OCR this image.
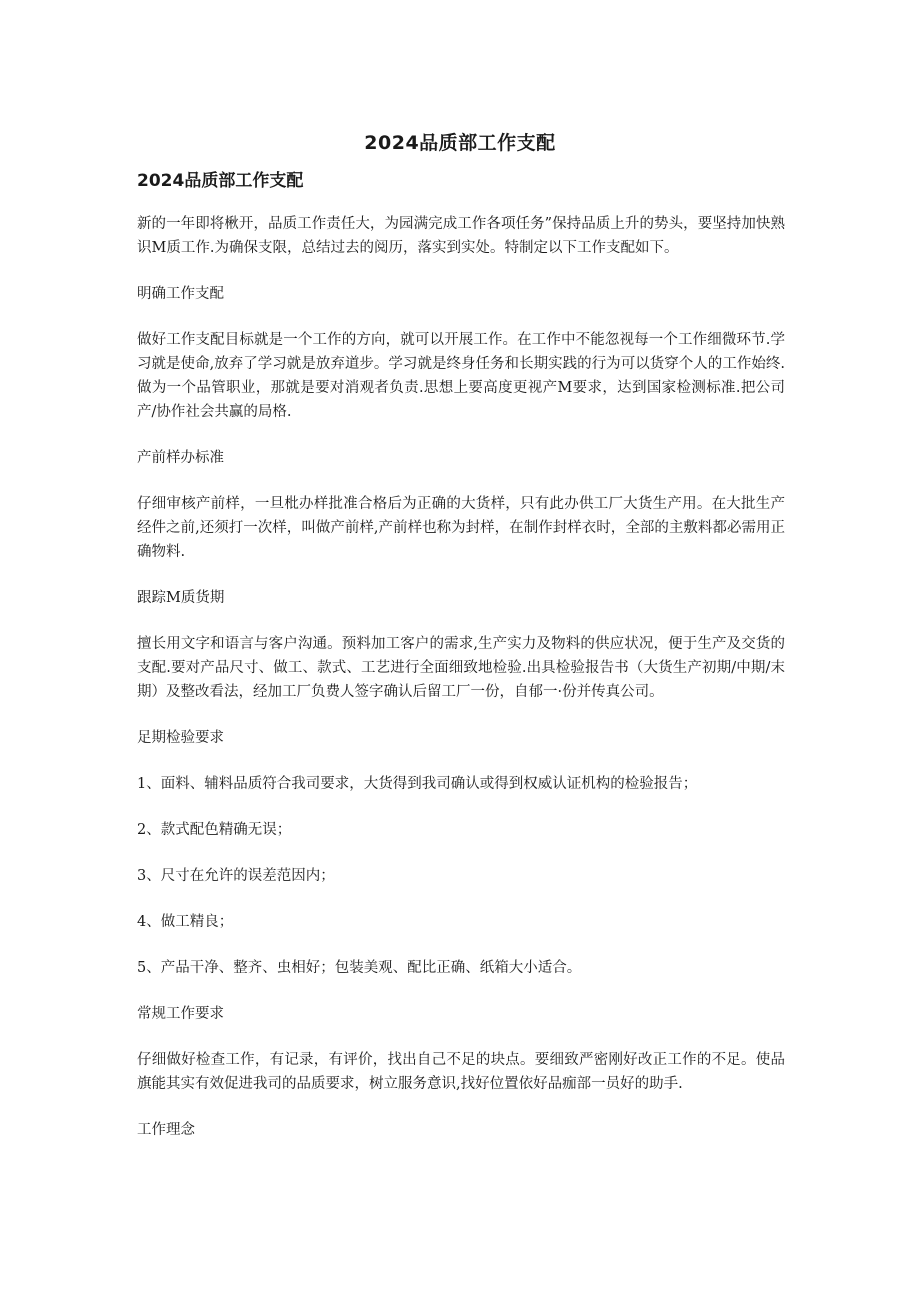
2024品质部工作支配
2024品质部工作支配

新的一年即将楸开，品质工作责任大，为园满完成工作各项任务”保持品质上升的势头，要坚持加快熟识M质工作.为确保支限，总结过去的阅历，落实到实处。特制定以下工作支配如下。

明确工作支配

做好工作支配目标就是一个工作的方向，就可以开展工作。在工作中不能忽视每一个工作细微环节.学习就是使命,放弃了学习就是放弃道步。学习就是终身任务和长期实践的行为可以货穿个人的工作始终.做为一个品管职业，那就是要对消观者负责.思想上要高度更视产M要求，达到国家检测标准.把公司产/协作社会共赢的局格.

产前样办标准

仔细审核产前样，一旦枇办样批准合格后为正确的大货样，只有此办供工厂大货生产用。在大批生产经件之前,还须打一次样，叫做产前样,产前样也称为封样，在制作封样衣时，全部的主敷料都必需用正确物料.

跟踪M质货期

擅长用文字和语言与客户沟通。预料加工客户的需求,生产实力及物料的供应状况，便于生产及交货的支配.要对产品尺寸、做工、款式、工艺进行全面细致地检验.出具检验报告书（大货生产初期/中期/末期）及整改看法，经加工厂负费人签字确认后留工厂一份，自郁一·份并传真公司。

足期检验要求

1、面料、辅料品质符合我司要求，大货得到我司确认或得到权威认证机构的检验报告；

2、款式配色精确无误；

3、尺寸在允许的误差范因内；

4、做工精良；

5、产品干净、整齐、虫相好；包装美观、配比正确、纸箱大小适合。

常规工作要求

仔细做好检查工作，有记录，有评价，找出自己不足的块点。要细致严密刚好改正工作的不足。使品旗能其实有效促进我司的品质要求，树立服务意识,找好位置依好品痂部一员好的助手.

工作理念
